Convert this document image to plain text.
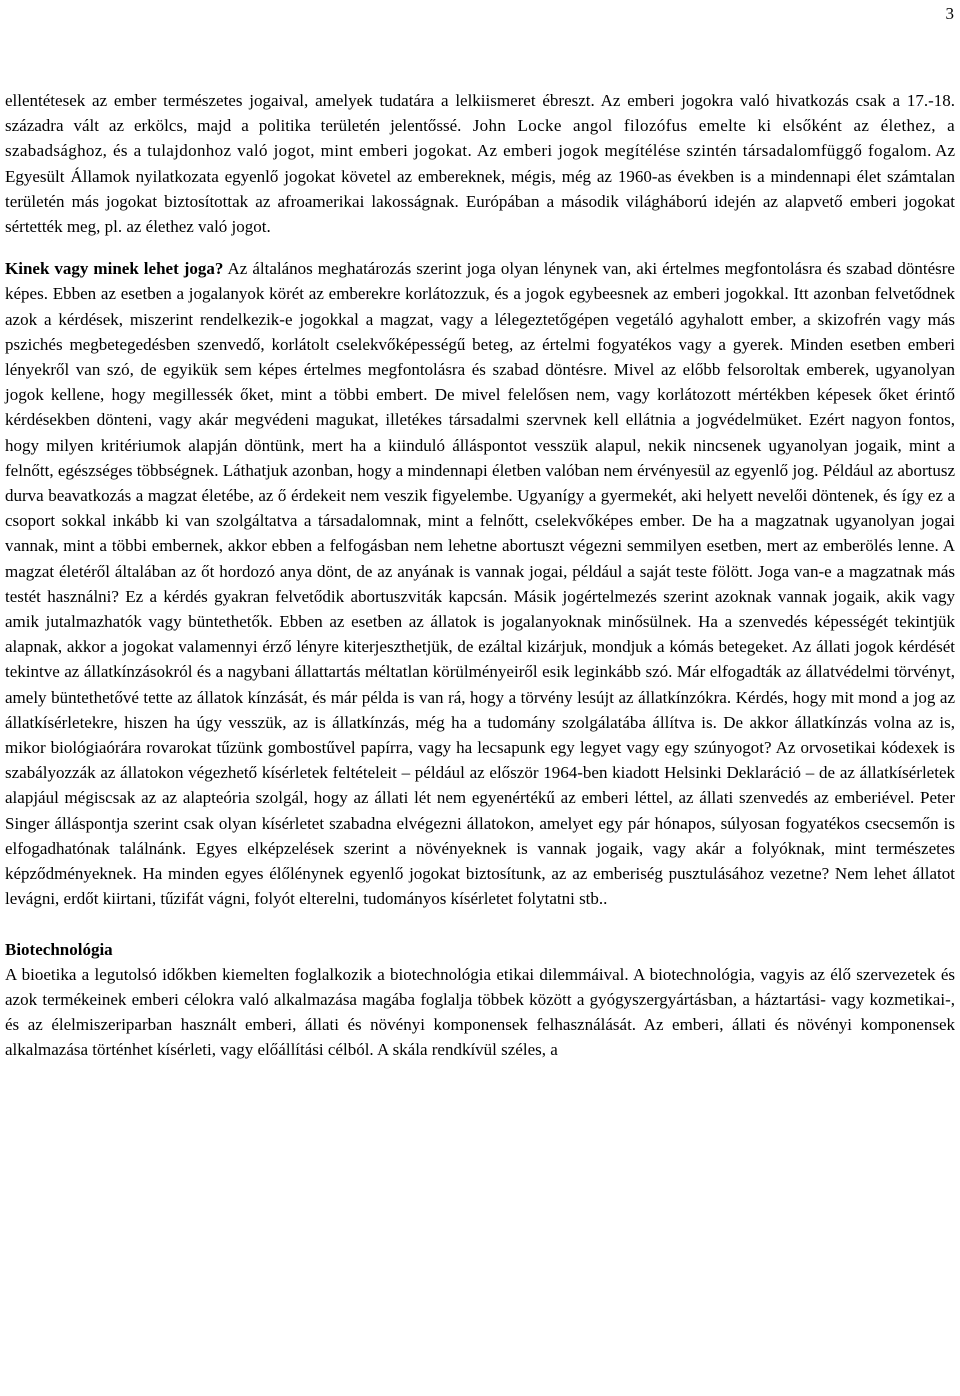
3

ellentétesek az ember természetes jogaival, amelyek tudatára a lelkiismeret ébreszt. Az emberi jogokra való hivatkozás csak a 17.-18. századra vált az erkölcs, majd a politika területén jelentőssé. John Locke angol filozófus emelte ki elsőként az élethez, a szabadsághoz, és a tulajdonhoz való jogot, mint emberi jogokat. Az emberi jogok megítélése szintén társadalomfüggő fogalom. Az Egyesült Államok nyilatkozata egyenlő jogokat követel az embereknek, mégis, még az 1960-as években is a mindennapi élet számtalan területén más jogokat biztosítottak az afroamerikai lakosságnak. Európában a második világháború idején az alapvető emberi jogokat sértették meg, pl. az élethez való jogot.

Kinek vagy minek lehet joga? Az általános meghatározás szerint joga olyan lénynek van, aki értelmes megfontolásra és szabad döntésre képes. Ebben az esetben a jogalanyok körét az emberekre korlátozzuk, és a jogok egybeesnek az emberi jogokkal. Itt azonban felvetődnek azok a kérdések, miszerint rendelkezik-e jogokkal a magzat, vagy a lélegeztetőgépen vegetáló agyhalott ember, a skizofrén vagy más pszichés megbetegedésben szenvedő, korlátolt cselekvőképességű beteg, az értelmi fogyatékos vagy a gyerek. Minden esetben emberi lényekről van szó, de egyikük sem képes értelmes megfontolásra és szabad döntésre. Mivel az előbb felsoroltak emberek, ugyanolyan jogok kellene, hogy megillessék őket, mint a többi embert. De mivel felelősen nem, vagy korlátozott mértékben képesek őket érintő kérdésekben dönteni, vagy akár megvédeni magukat, illetékes társadalmi szervnek kell ellátnia a jogvédelmüket. Ezért nagyon fontos, hogy milyen kritériumok alapján döntünk, mert ha a kiinduló álláspontot vesszük alapul, nekik nincsenek ugyanolyan jogaik, mint a felnőtt, egészséges többségnek. Láthatjuk azonban, hogy a mindennapi életben valóban nem érvényesül az egyenlő jog. Például az abortusz durva beavatkozás a magzat életébe, az ő érdekeit nem veszik figyelembe. Ugyanígy a gyermekét, aki helyett nevelői döntenek, és így ez a csoport sokkal inkább ki van szolgáltatva a társadalomnak, mint a felnőtt, cselekvőképes ember. De ha a magzatnak ugyanolyan jogai vannak, mint a többi embernek, akkor ebben a felfogásban nem lehetne abortuszt végezni semmilyen esetben, mert az emberölés lenne. A magzat életéről általában az őt hordozó anya dönt, de az anyának is vannak jogai, például a saját teste fölött. Joga van-e a magzatnak más testét használni? Ez a kérdés gyakran felvetődik abortuszviták kapcsán. Másik jogértelmezés szerint azoknak vannak jogaik, akik vagy amik jutalmazhatók vagy büntethetők. Ebben az esetben az állatok is jogalanyoknak minősülnek. Ha a szenvedés képességét tekintjük alapnak, akkor a jogokat valamennyi érző lényre kiterjeszthetjük, de ezáltal kizárjuk, mondjuk a kómás betegeket. Az állati jogok kérdését tekintve az állatkínzásokról és a nagybani állattartás méltatlan körülményeiről esik leginkább szó. Már elfogadták az állatvédelmi törvényt, amely büntethetővé tette az állatok kínzását, és már példa is van rá, hogy a törvény lesújt az állatkínzókra. Kérdés, hogy mit mond a jog az állatkísérletekre, hiszen ha úgy vesszük, az is állatkínzás, még ha a tudomány szolgálatába állítva is. De akkor állatkínzás volna az is, mikor biológiaórára rovarokat tűzünk gombostűvel papírra, vagy ha lecsapunk egy legyet vagy egy szúnyogot? Az orvosetikai kódexek is szabályozzák az állatokon végezhető kísérletek feltételeit – például az először 1964-ben kiadott Helsinki Deklaráció – de az állatkísérletek alapjául mégiscsak az az alapteória szolgál, hogy az állati lét nem egyenértékű az emberi léttel, az állati szenvedés az emberiével. Peter Singer álláspontja szerint csak olyan kísérletet szabadna elvégezni állatokon, amelyet egy pár hónapos, súlyosan fogyatékos csecsemőn is elfogadhatónak találnánk. Egyes elképzelések szerint a növényeknek is vannak jogaik, vagy akár a folyóknak, mint természetes képződményeknek. Ha minden egyes élőlénynek egyenlő jogokat biztosítunk, az az emberiség pusztulásához vezetne? Nem lehet állatot levágni, erdőt kiirtani, tűzifát vágni, folyót elterelni, tudományos kísérletet folytatni stb..

Biotechnológia

A bioetika a legutolsó időkben kiemelten foglalkozik a biotechnológia etikai dilemmáival. A biotechnológia, vagyis az élő szervezetek és azok termékeinek emberi célokra való alkalmazása magába foglalja többek között a gyógyszergyártásban, a háztartási- vagy kozmetikai-, és az élelmiszeriparban használt emberi, állati és növényi komponensek felhasználását. Az emberi, állati és növényi komponensek alkalmazása történhet kísérleti, vagy előállítási célból. A skála rendkívül széles, a
